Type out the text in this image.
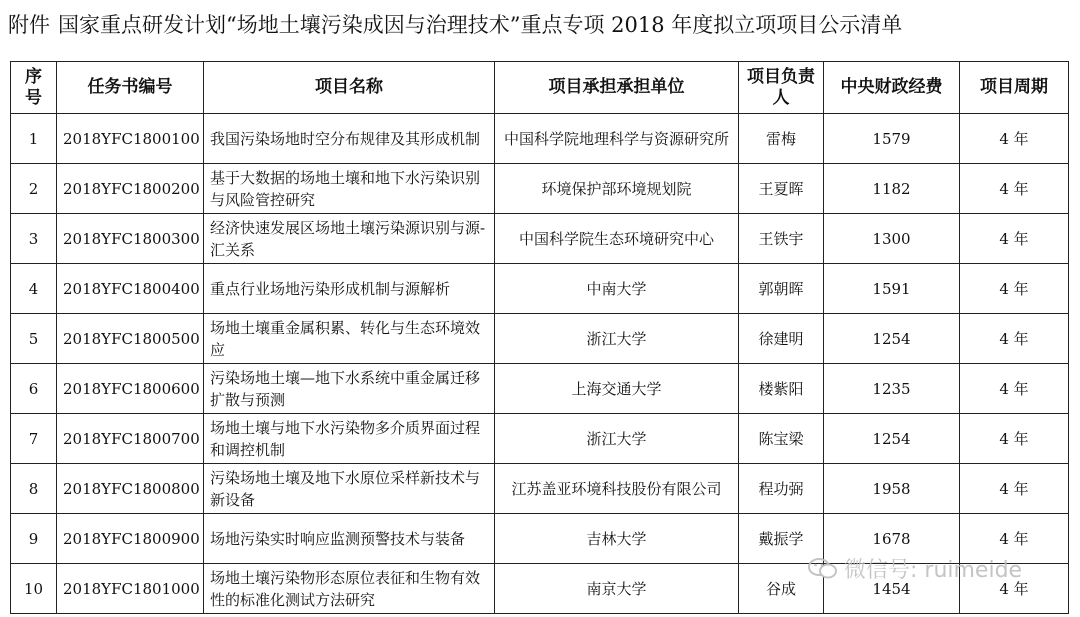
附件 国家重点研发计划“场地土壤污染成因与治理技术”重点专项 2018 年度拟立项项目公示清单
序号	任务书编号	项目名称	项目承担承担单位	项目负责人	中央财政经费	项目周期
1	2018YFC1800100	我国污染场地时空分布规律及其形成机制	中国科学院地理科学与资源研究所	雷梅	1579	4 年
2	2018YFC1800200	基于大数据的场地土壤和地下水污染识别与风险管控研究	环境保护部环境规划院	王夏晖	1182	4 年
3	2018YFC1800300	经济快速发展区场地土壤污染源识别与源-汇关系	中国科学院生态环境研究中心	王铁宇	1300	4 年
4	2018YFC1800400	重点行业场地污染形成机制与源解析	中南大学	郭朝晖	1591	4 年
5	2018YFC1800500	场地土壤重金属积累、转化与生态环境效应	浙江大学	徐建明	1254	4 年
6	2018YFC1800600	污染场地土壤—地下水系统中重金属迁移扩散与预测	上海交通大学	楼紫阳	1235	4 年
7	2018YFC1800700	场地土壤与地下水污染物多介质界面过程和调控机制	浙江大学	陈宝梁	1254	4 年
8	2018YFC1800800	污染场地土壤及地下水原位采样新技术与新设备	江苏盖亚环境科技股份有限公司	程功弼	1958	4 年
9	2018YFC1800900	场地污染实时响应监测预警技术与装备	吉林大学	戴振学	1678	4 年
10	2018YFC1801000	场地土壤污染物形态原位表征和生物有效性的标准化测试方法研究	南京大学	谷成	1454	4 年
微信号: ruimeide
